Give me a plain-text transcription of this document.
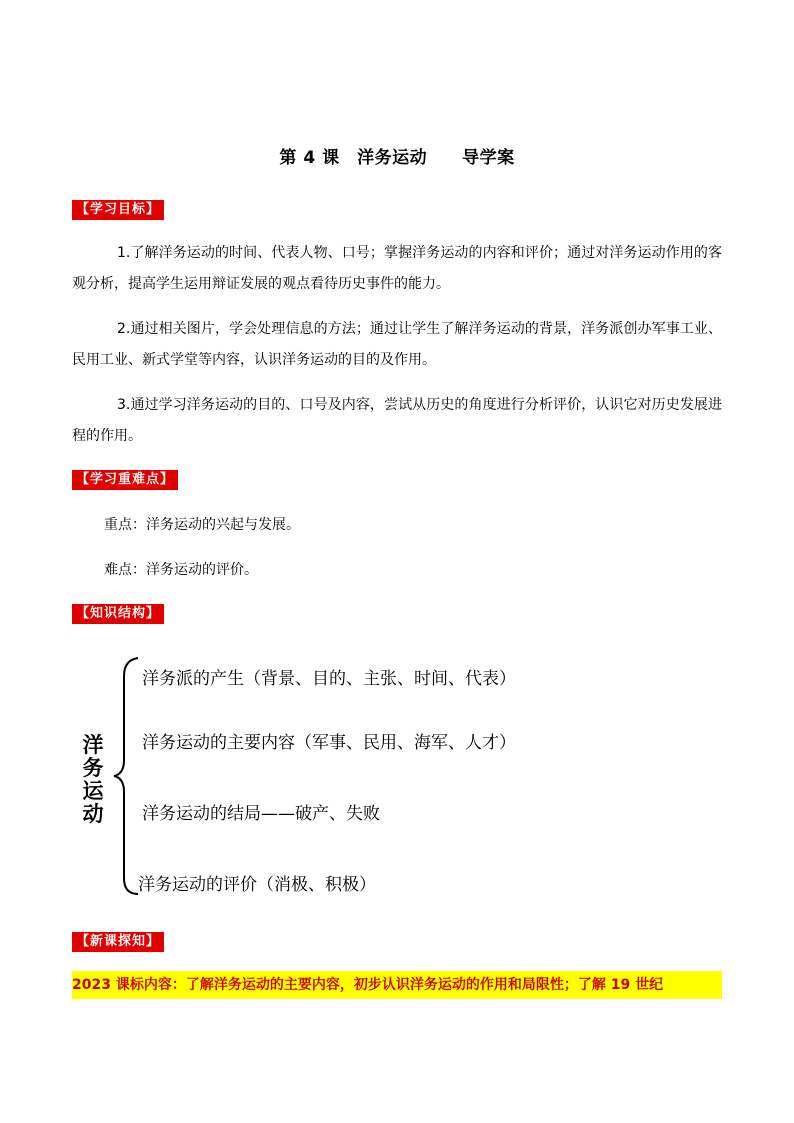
第 4 课　洋务运动　　导学案
【学习目标】
1.了解洋务运动的时间、代表人物、口号；掌握洋务运动的内容和评价；通过对洋务运动作用的客观分析，提高学生运用辩证发展的观点看待历史事件的能力。
2.通过相关图片，学会处理信息的方法；通过让学生了解洋务运动的背景，洋务派创办军事工业、民用工业、新式学堂等内容，认识洋务运动的目的及作用。
3.通过学习洋务运动的目的、口号及内容，尝试从历史的角度进行分析评价，认识它对历史发展进程的作用。
【学习重难点】
重点：洋务运动的兴起与发展。
难点：洋务运动的评价。
【知识结构】
洋务运动
洋务派的产生（背景、目的、主张、时间、代表）
洋务运动的主要内容（军事、民用、海军、人才）
洋务运动的结局——破产、失败
洋务运动的评价（消极、积极）
【新课探知】
2023 课标内容：了解洋务运动的主要内容，初步认识洋务运动的作用和局限性；了解 19 世纪
